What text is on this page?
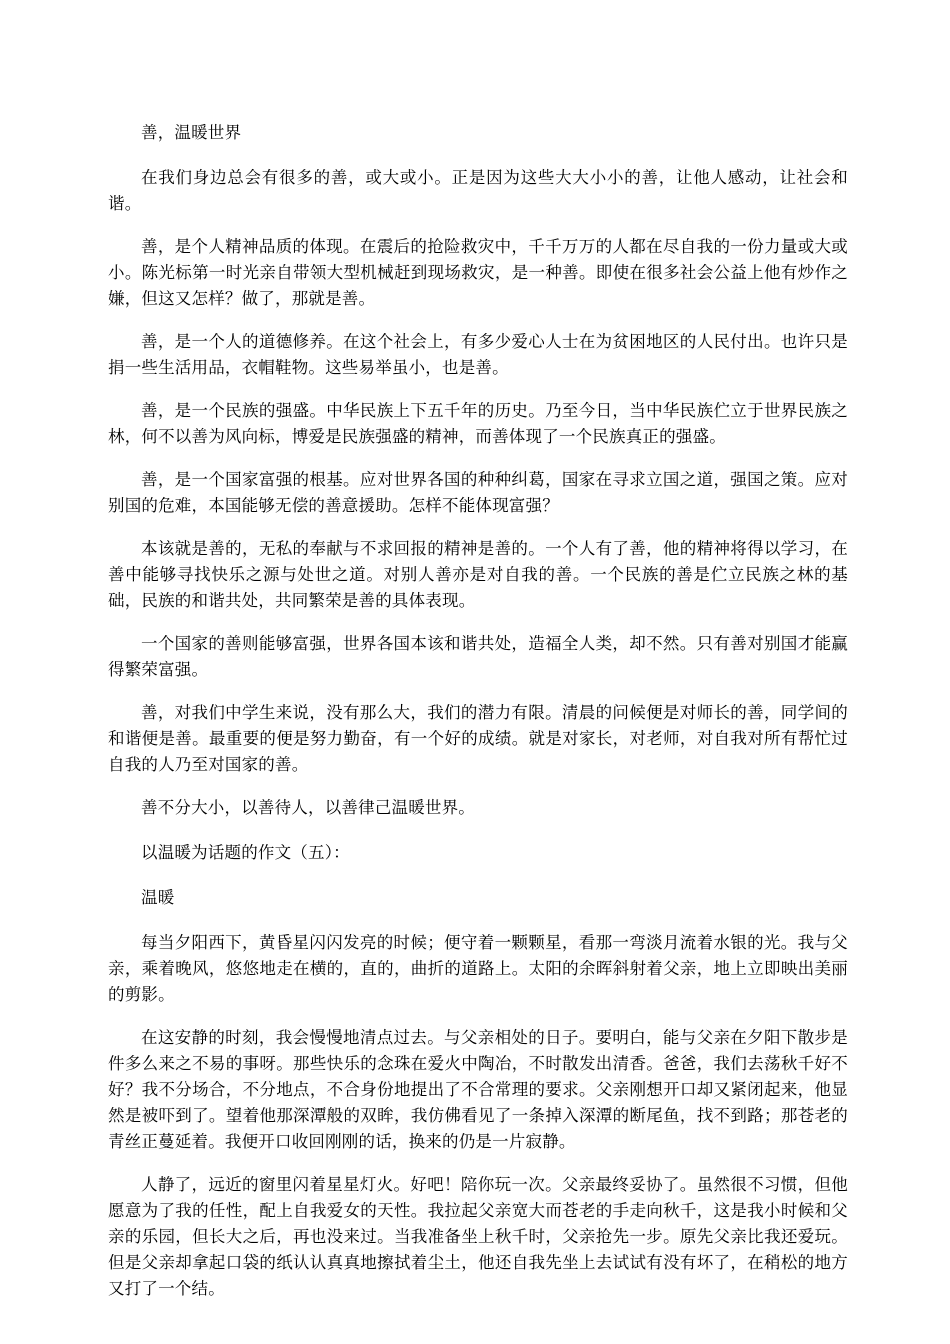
善，温暖世界

在我们身边总会有很多的善，或大或小。正是因为这些大大小小的善，让他人感动，让社会和谐。

善，是个人精神品质的体现。在震后的抢险救灾中，千千万万的人都在尽自我的一份力量或大或小。陈光标第一时光亲自带领大型机械赶到现场救灾，是一种善。即使在很多社会公益上他有炒作之嫌，但这又怎样？做了，那就是善。

善，是一个人的道德修养。在这个社会上，有多少爱心人士在为贫困地区的人民付出。也许只是捐一些生活用品，衣帽鞋物。这些易举虽小，也是善。

善，是一个民族的强盛。中华民族上下五千年的历史。乃至今日，当中华民族伫立于世界民族之林，何不以善为风向标，博爱是民族强盛的精神，而善体现了一个民族真正的强盛。

善，是一个国家富强的根基。应对世界各国的种种纠葛，国家在寻求立国之道，强国之策。应对别国的危难，本国能够无偿的善意援助。怎样不能体现富强？

本该就是善的，无私的奉献与不求回报的精神是善的。一个人有了善，他的精神将得以学习，在善中能够寻找快乐之源与处世之道。对别人善亦是对自我的善。一个民族的善是伫立民族之林的基础，民族的和谐共处，共同繁荣是善的具体表现。

一个国家的善则能够富强，世界各国本该和谐共处，造福全人类，却不然。只有善对别国才能赢得繁荣富强。

善，对我们中学生来说，没有那么大，我们的潜力有限。清晨的问候便是对师长的善，同学间的和谐便是善。最重要的便是努力勤奋，有一个好的成绩。就是对家长，对老师，对自我对所有帮忙过自我的人乃至对国家的善。

善不分大小，以善待人，以善律己温暖世界。

以温暖为话题的作文（五）：

温暖

每当夕阳西下，黄昏星闪闪发亮的时候；便守着一颗颗星，看那一弯淡月流着水银的光。我与父亲，乘着晚风，悠悠地走在横的，直的，曲折的道路上。太阳的余晖斜射着父亲，地上立即映出美丽的剪影。

在这安静的时刻，我会慢慢地清点过去。与父亲相处的日子。要明白，能与父亲在夕阳下散步是件多么来之不易的事呀。那些快乐的念珠在爱火中陶冶，不时散发出清香。爸爸，我们去荡秋千好不好？我不分场合，不分地点，不合身份地提出了不合常理的要求。父亲刚想开口却又紧闭起来，他显然是被吓到了。望着他那深潭般的双眸，我仿佛看见了一条掉入深潭的断尾鱼，找不到路；那苍老的青丝正蔓延着。我便开口收回刚刚的话，换来的仍是一片寂静。

人静了，远近的窗里闪着星星灯火。好吧！陪你玩一次。父亲最终妥协了。虽然很不习惯，但他愿意为了我的任性，配上自我爱女的天性。我拉起父亲宽大而苍老的手走向秋千，这是我小时候和父亲的乐园，但长大之后，再也没来过。当我准备坐上秋千时，父亲抢先一步。原先父亲比我还爱玩。但是父亲却拿起口袋的纸认认真真地擦拭着尘土，他还自我先坐上去试试有没有坏了，在稍松的地方又打了一个结。
